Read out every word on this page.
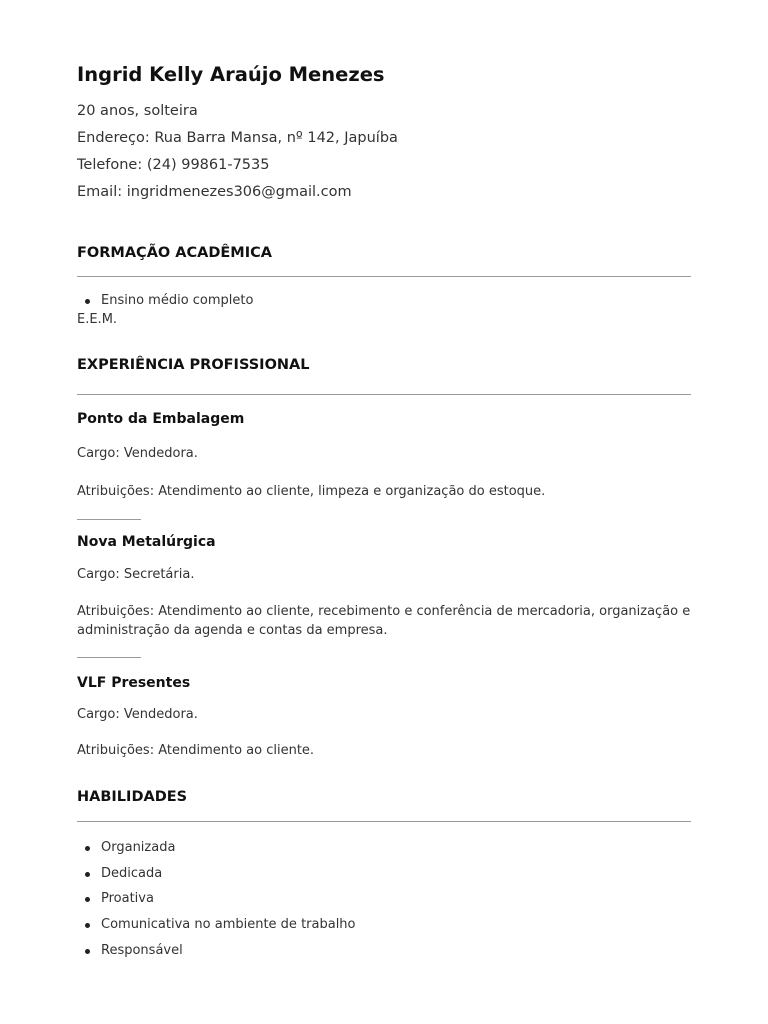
Ingrid Kelly Araújo Menezes

20 anos, solteira

Endereço: Rua Barra Mansa, nº 142, Japuíba

Telefone: (24) 99861-7535

Email: ingridmenezes306@gmail.com

FORMAÇÃO ACADÊMICA
Ensino médio completo

E.E.M.

EXPERIÊNCIA PROFISSIONAL
Ponto da Embalagem

Cargo: Vendedora.

Atribuições: Atendimento ao cliente, limpeza e organização do estoque.

Nova Metalúrgica

Cargo: Secretária.

Atribuições: Atendimento ao cliente, recebimento e conferência de mercadoria, organização e administração da agenda e contas da empresa.

VLF Presentes

Cargo: Vendedora.

Atribuições: Atendimento ao cliente.

HABILIDADES
Organizada
Dedicada
Proativa
Comunicativa no ambiente de trabalho
Responsável
